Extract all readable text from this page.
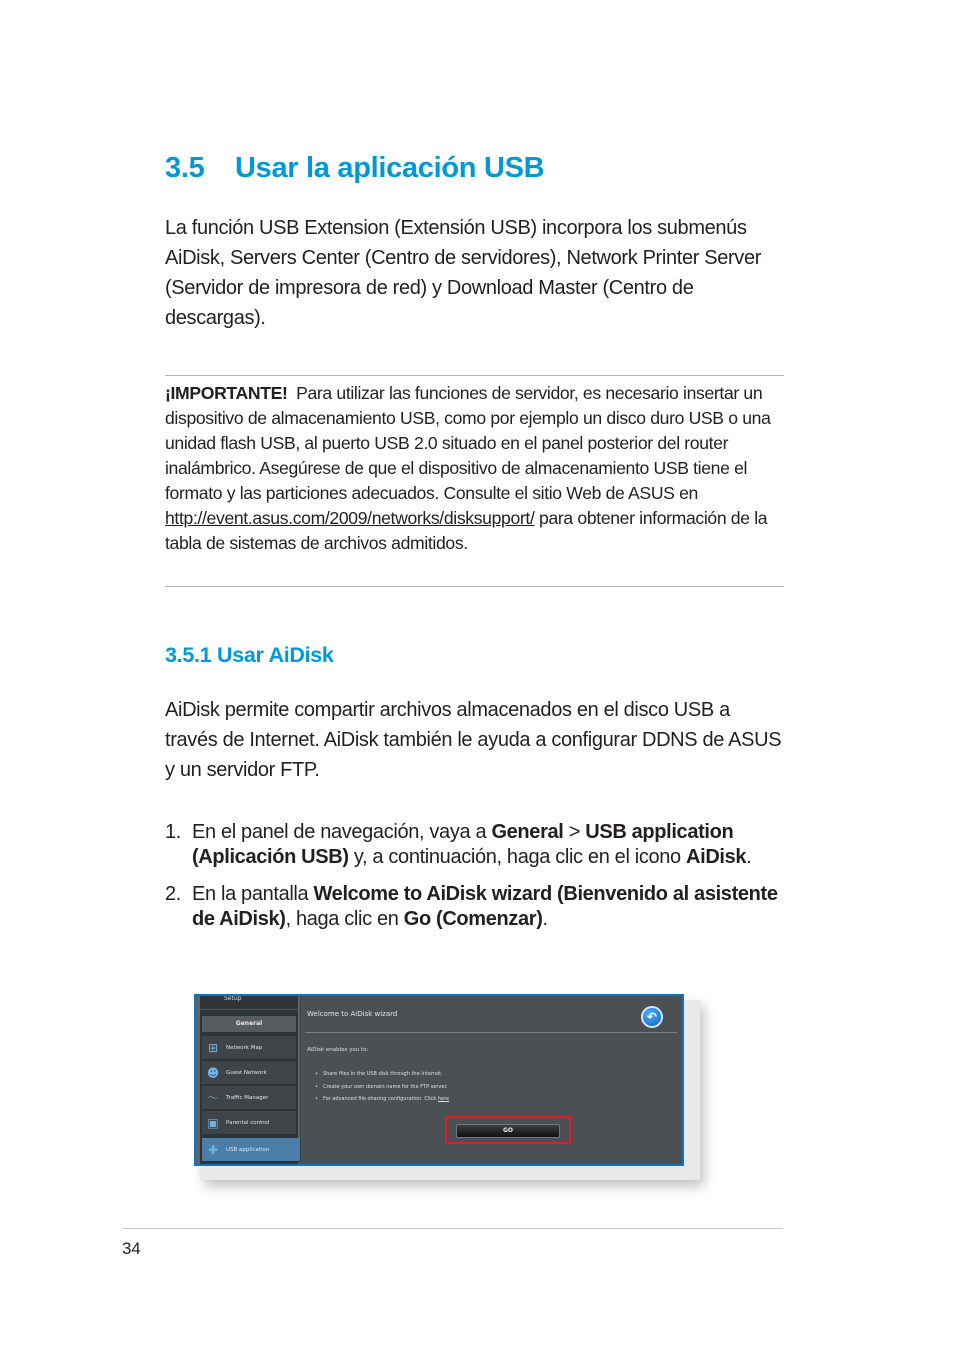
3.5 Usar la aplicación USB

La función USB Extension (Extensión USB) incorpora los submenús AiDisk, Servers Center (Centro de servidores), Network Printer Server (Servidor de impresora de red) y Download Master (Centro de descargas).

¡IMPORTANTE! Para utilizar las funciones de servidor, es necesario insertar un dispositivo de almacenamiento USB, como por ejemplo un disco duro USB o una unidad flash USB, al puerto USB 2.0 situado en el panel posterior del router inalámbrico. Asegúrese de que el dispositivo de almacenamiento USB tiene el formato y las particiones adecuados. Consulte el sitio Web de ASUS en http://event.asus.com/2009/networks/disksupport/ para obtener información de la tabla de sistemas de archivos admitidos.

3.5.1 Usar AiDisk

AiDisk permite compartir archivos almacenados en el disco USB a través de Internet. AiDisk también le ayuda a configurar DDNS de ASUS y un servidor FTP.

1. En el panel de navegación, vaya a General > USB application (Aplicación USB) y, a continuación, haga clic en el icono AiDisk.
2. En la pantalla Welcome to AiDisk wizard (Bienvenido al asistente de AiDisk), haga clic en Go (Comenzar).
Setup
General
⊞	Network Map
☻ Guest Network
〜 Traffic Manager
▣ Parental control
✚	USB application
Welcome to AiDisk wizard	↶
AiDisk enables you to:
• Share files in the USB disk through the Internet.
• Create your own domain name for the FTP server.
• For advanced file-sharing configuration. Click here
GO
34
